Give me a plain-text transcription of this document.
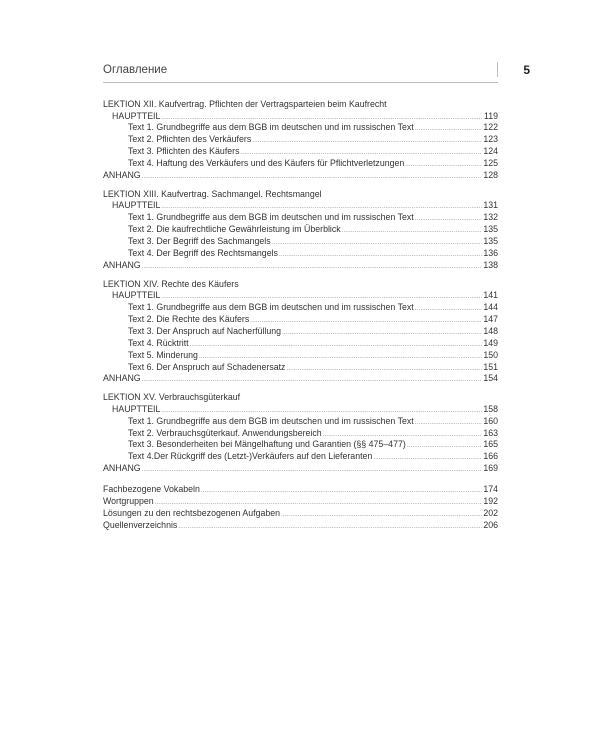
Оглавление	5
LEKTION XII. Kaufvertrag. Pflichten der Vertragsparteien beim Kaufrecht
HAUPTTEIL .....	119
Text 1. Grundbegriffe aus dem BGB im deutschen und im russischen Text .....	122
Text 2. Pflichten des Verkäufers .....	123
Text 3. Pflichten des Käufers .....	124
Text 4. Haftung des Verkäufers und des Käufers für Pflichtverletzungen .....	125
ANHANG .....	128
LEKTION XIII. Kaufvertrag. Sachmangel. Rechtsmangel
HAUPTTEIL .....	131
Text 1. Grundbegriffe aus dem BGB im deutschen und im russischen Text .....	132
Text 2. Die kaufrechtliche Gewährleistung im Überblick .....	135
Text 3. Der Begriff des Sachmangels .....	135
Text 4. Der Begriff des Rechtsmangels .....	136
ANHANG .....	138
LEKTION XIV. Rechte des Käufers
HAUPTTEIL .....	141
Text 1. Grundbegriffe aus dem BGB im deutschen und im russischen Text .....	144
Text 2. Die Rechte des Käufers .....	147
Text 3. Der Anspruch auf Nacherfüllung .....	148
Text 4. Rücktritt .....	149
Text 5. Minderung .....	150
Text 6. Der Anspruch auf Schadenersatz .....	151
ANHANG .....	154
LEKTION XV. Verbrauchsgüterkauf
HAUPTTEIL .....	158
Text 1. Grundbegriffe aus dem BGB im deutschen und im russischen Text .....	160
Text 2. Verbrauchsgüterkauf. Anwendungsbereich .....	163
Text 3. Besonderheiten bei Mängelhaftung und Garantien (§§ 475–477) .....	165
Text 4.Der Rückgriff des (Letzt-)Verkäufers auf den Lieferanten .....	166
ANHANG .....	169
Fachbezogene Vokabeln .....	174
Wortgruppen .....	192
Lösungen zu den rechtsbezogenen Aufgaben .....	202
Quellenverzeichnis .....	206
